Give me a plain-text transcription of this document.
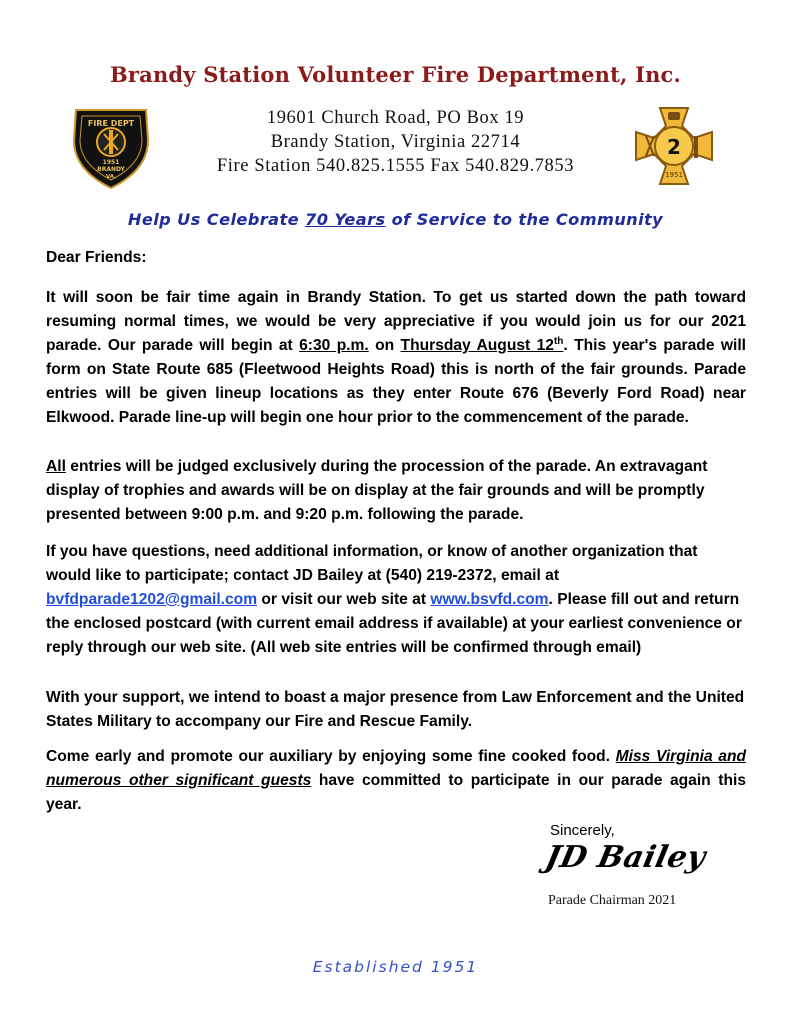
Brandy Station Volunteer Fire Department, Inc.
FIRE DEPT
1951
BRANDY
VA.
19601 Church Road, PO Box 19
Brandy Station, Virginia 22714
Fire Station 540.825.1555 Fax 540.829.7853
2
1951
Help Us Celebrate 70 Years of Service to the Community

Dear Friends:

It will soon be fair time again in Brandy Station. To get us started down the path toward resuming normal times, we would be very appreciative if you would join us for our 2021 parade. Our parade will begin at 6:30 p.m. on Thursday August 12th. This year's parade will form on State Route 685 (Fleetwood Heights Road) this is north of the fair grounds. Parade entries will be given lineup locations as they enter Route 676 (Beverly Ford Road) near Elkwood. Parade line-up will begin one hour prior to the commencement of the parade.

All entries will be judged exclusively during the procession of the parade. An extravagant display of trophies and awards will be on display at the fair grounds and will be promptly presented between 9:00 p.m. and 9:20 p.m. following the parade.

If you have questions, need additional information, or know of another organization that would like to participate; contact JD Bailey at (540) 219-2372, email at bvfdparade1202@gmail.com or visit our web site at www.bsvfd.com. Please fill out and return the enclosed postcard (with current email address if available) at your earliest convenience or reply through our web site. (All web site entries will be confirmed through email)

With your support, we intend to boast a major presence from Law Enforcement and the United States Military to accompany our Fire and Rescue Family.

Come early and promote our auxiliary by enjoying some fine cooked food. Miss Virginia and numerous other significant guests have committed to participate in our parade again this year.

Sincerely,
JD Bailey
Parade Chairman 2021
Established 1951
